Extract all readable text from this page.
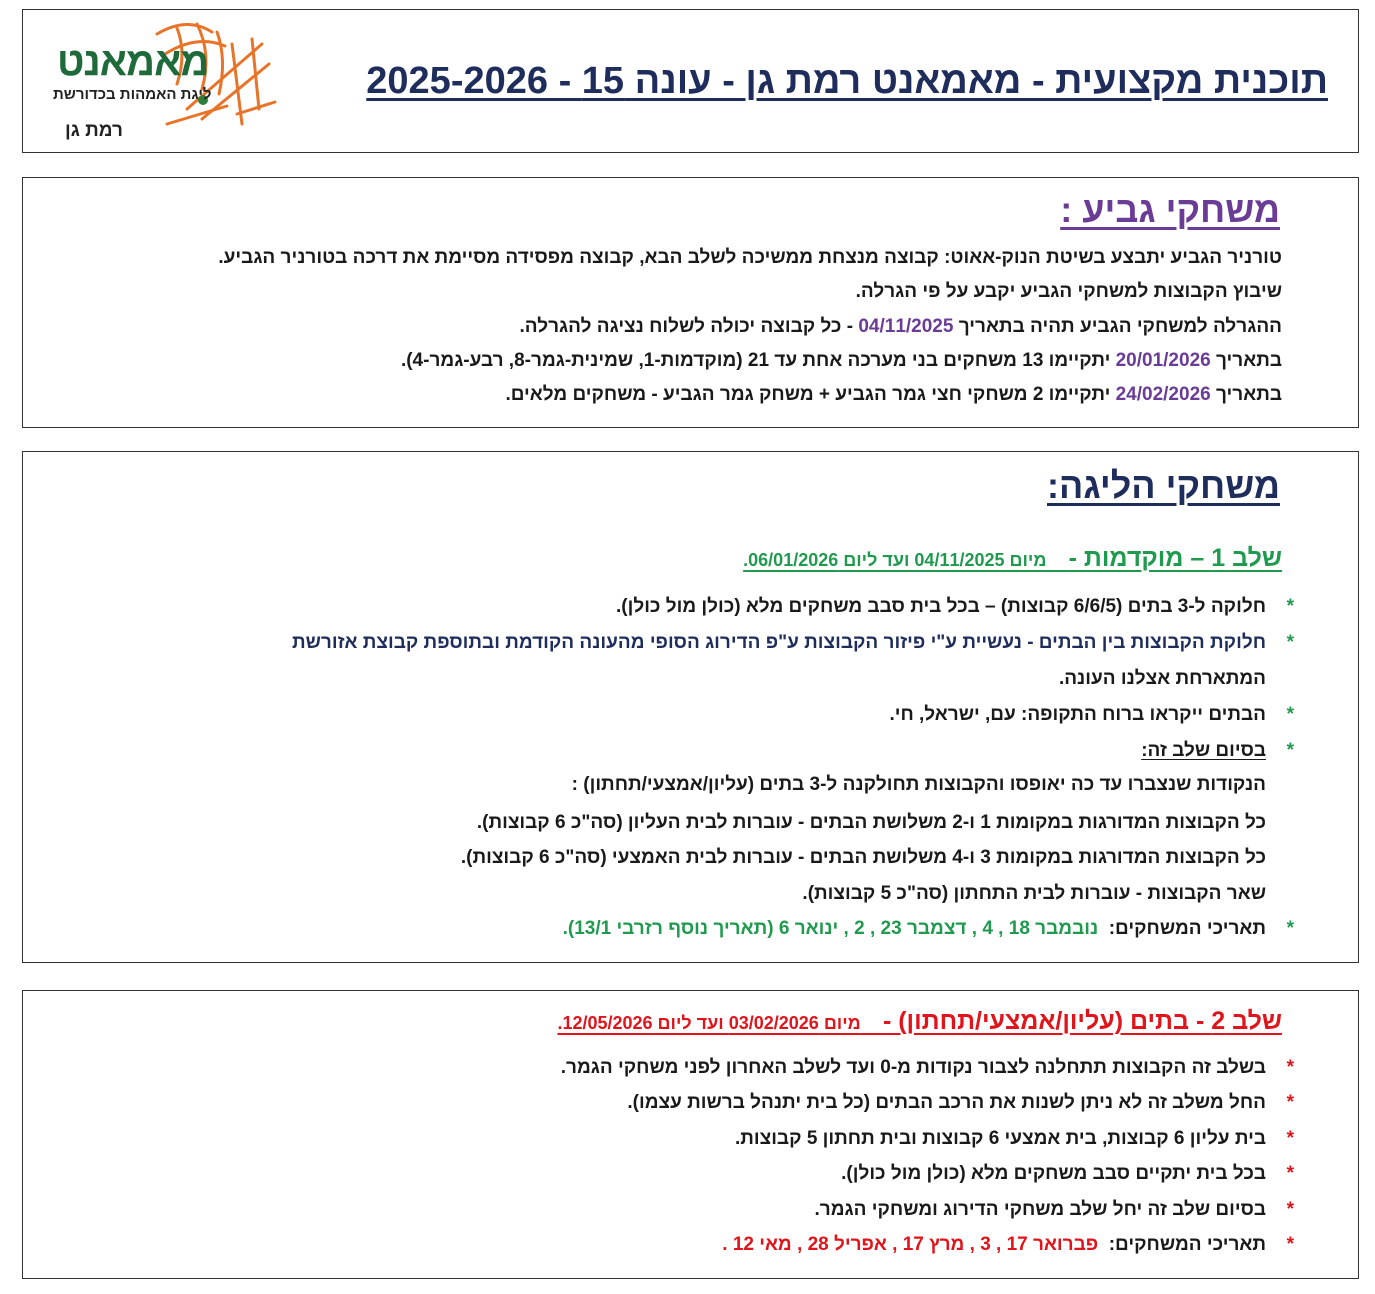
מאמאנט
ליגת האמהות בכדורשת
רמת גן
תוכנית מקצועית - מאמאנט רמת גן - עונה 15 - 2025-2026
משחקי גביע :
טורניר הגביע יתבצע בשיטת הנוק-אאוט: קבוצה מנצחת ממשיכה לשלב הבא, קבוצה מפסידה מסיימת את דרכה בטורניר הגביע.
שיבוץ הקבוצות למשחקי הגביע יקבע על פי הגרלה.
ההגרלה למשחקי הגביע תהיה בתאריך 04/11/2025 - כל קבוצה יכולה לשלוח נציגה להגרלה.
בתאריך 20/01/2026 יתקיימו 13 משחקים בני מערכה אחת עד 21 (מוקדמות-1, שמינית-גמר-8, רבע-גמר-4).
בתאריך 24/02/2026 יתקיימו 2 משחקי חצי גמר הגביע + משחק גמר הגביע - משחקים מלאים.
משחקי הליגה:
שלב 1 – מוקדמות -     מיום 04/11/2025 ועד ליום 06/01/2026.
*
חלוקה ל-3 בתים (6/6/5 קבוצות) – בכל בית סבב משחקים מלא (כולן מול כולן).
*
חלוקת הקבוצות בין הבתים - נעשיית ע"י פיזור הקבוצות ע"פ הדירוג הסופי מהעונה הקודמת ובתוספת קבוצת אזורשת
המתארחת אצלנו העונה.
*
הבתים ייקראו ברוח התקופה: עם, ישראל, חי.
*
בסיום שלב זה:
הנקודות שנצברו עד כה יאופסו והקבוצות תחולקנה ל-3 בתים (עליון/אמצעי/תחתון) :
כל הקבוצות המדורגות במקומות 1 ו-2 משלושת הבתים - עוברות לבית העליון (סה"כ 6 קבוצות).
כל הקבוצות המדורגות במקומות 3 ו-4 משלושת הבתים - עוברות לבית האמצעי (סה"כ 6 קבוצות).
שאר הקבוצות - עוברות לבית התחתון (סה"כ 5 קבוצות).
*
תאריכי המשחקים:  נובמבר 18 , 4 , דצמבר 23 , 2 , ינואר 6 (תאריך נוסף רזרבי 13/1).
שלב 2 - בתים (עליון/אמצעי/תחתון) -     מיום 03/02/2026 ועד ליום 12/05/2026.
*
בשלב זה הקבוצות תתחלנה לצבור נקודות מ-0 ועד לשלב האחרון לפני משחקי הגמר.
*
החל משלב זה לא ניתן לשנות את הרכב הבתים (כל בית יתנהל ברשות עצמו).
*
בית עליון 6 קבוצות, בית אמצעי 6 קבוצות ובית תחתון 5 קבוצות.
*
בכל בית יתקיים סבב משחקים מלא (כולן מול כולן).
*
בסיום שלב זה יחל שלב משחקי הדירוג ומשחקי הגמר.
*
תאריכי המשחקים:  פברואר 17 , 3 , מרץ 17 , אפריל 28 , מאי 12 .
